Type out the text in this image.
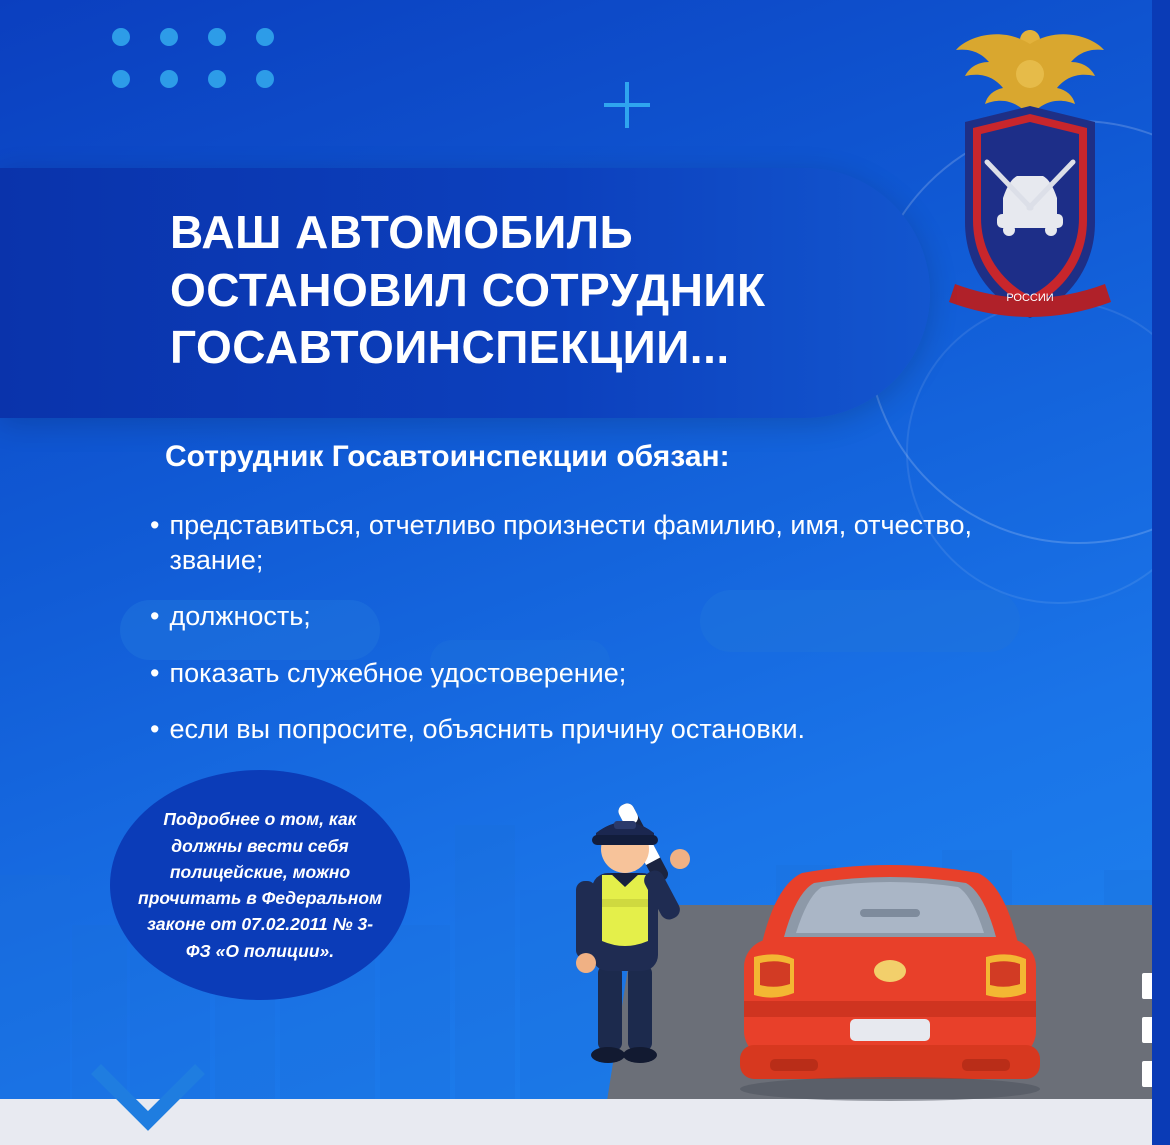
РОССИИ
ВАШ АВТОМОБИЛЬ ОСТАНОВИЛ СОТРУДНИК ГОСАВТОИНСПЕКЦИИ...
Сотрудник Госавтоинспекции обязан:
• представиться, отчетливо произнести фамилию, имя, отчество, звание;
• должность;
• показать служебное удостоверение;
• если вы попросите, объяснить причину остановки.
Подробнее о том, как должны вести себя полицейские, можно прочитать в Федеральном законе от 07.02.2011 № 3-ФЗ «О полиции».
